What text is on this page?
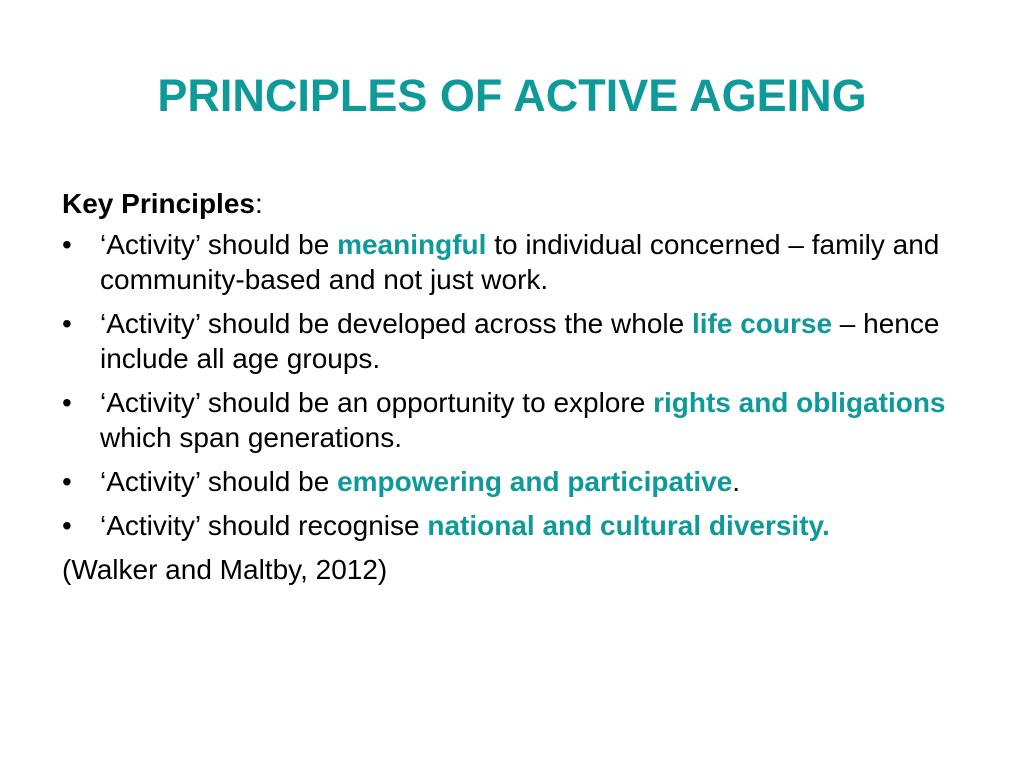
PRINCIPLES OF ACTIVE AGEING
Key Principles:
•	‘Activity’ should be meaningful to individual concerned – family and community-based and not just work.
•	‘Activity’ should be developed across the whole life course – hence include all age groups.
•	‘Activity’ should be an opportunity to explore rights and obligations which span generations.
•	‘Activity’ should be empowering and participative.
•	‘Activity’ should recognise national and cultural diversity.
(Walker and Maltby, 2012)
